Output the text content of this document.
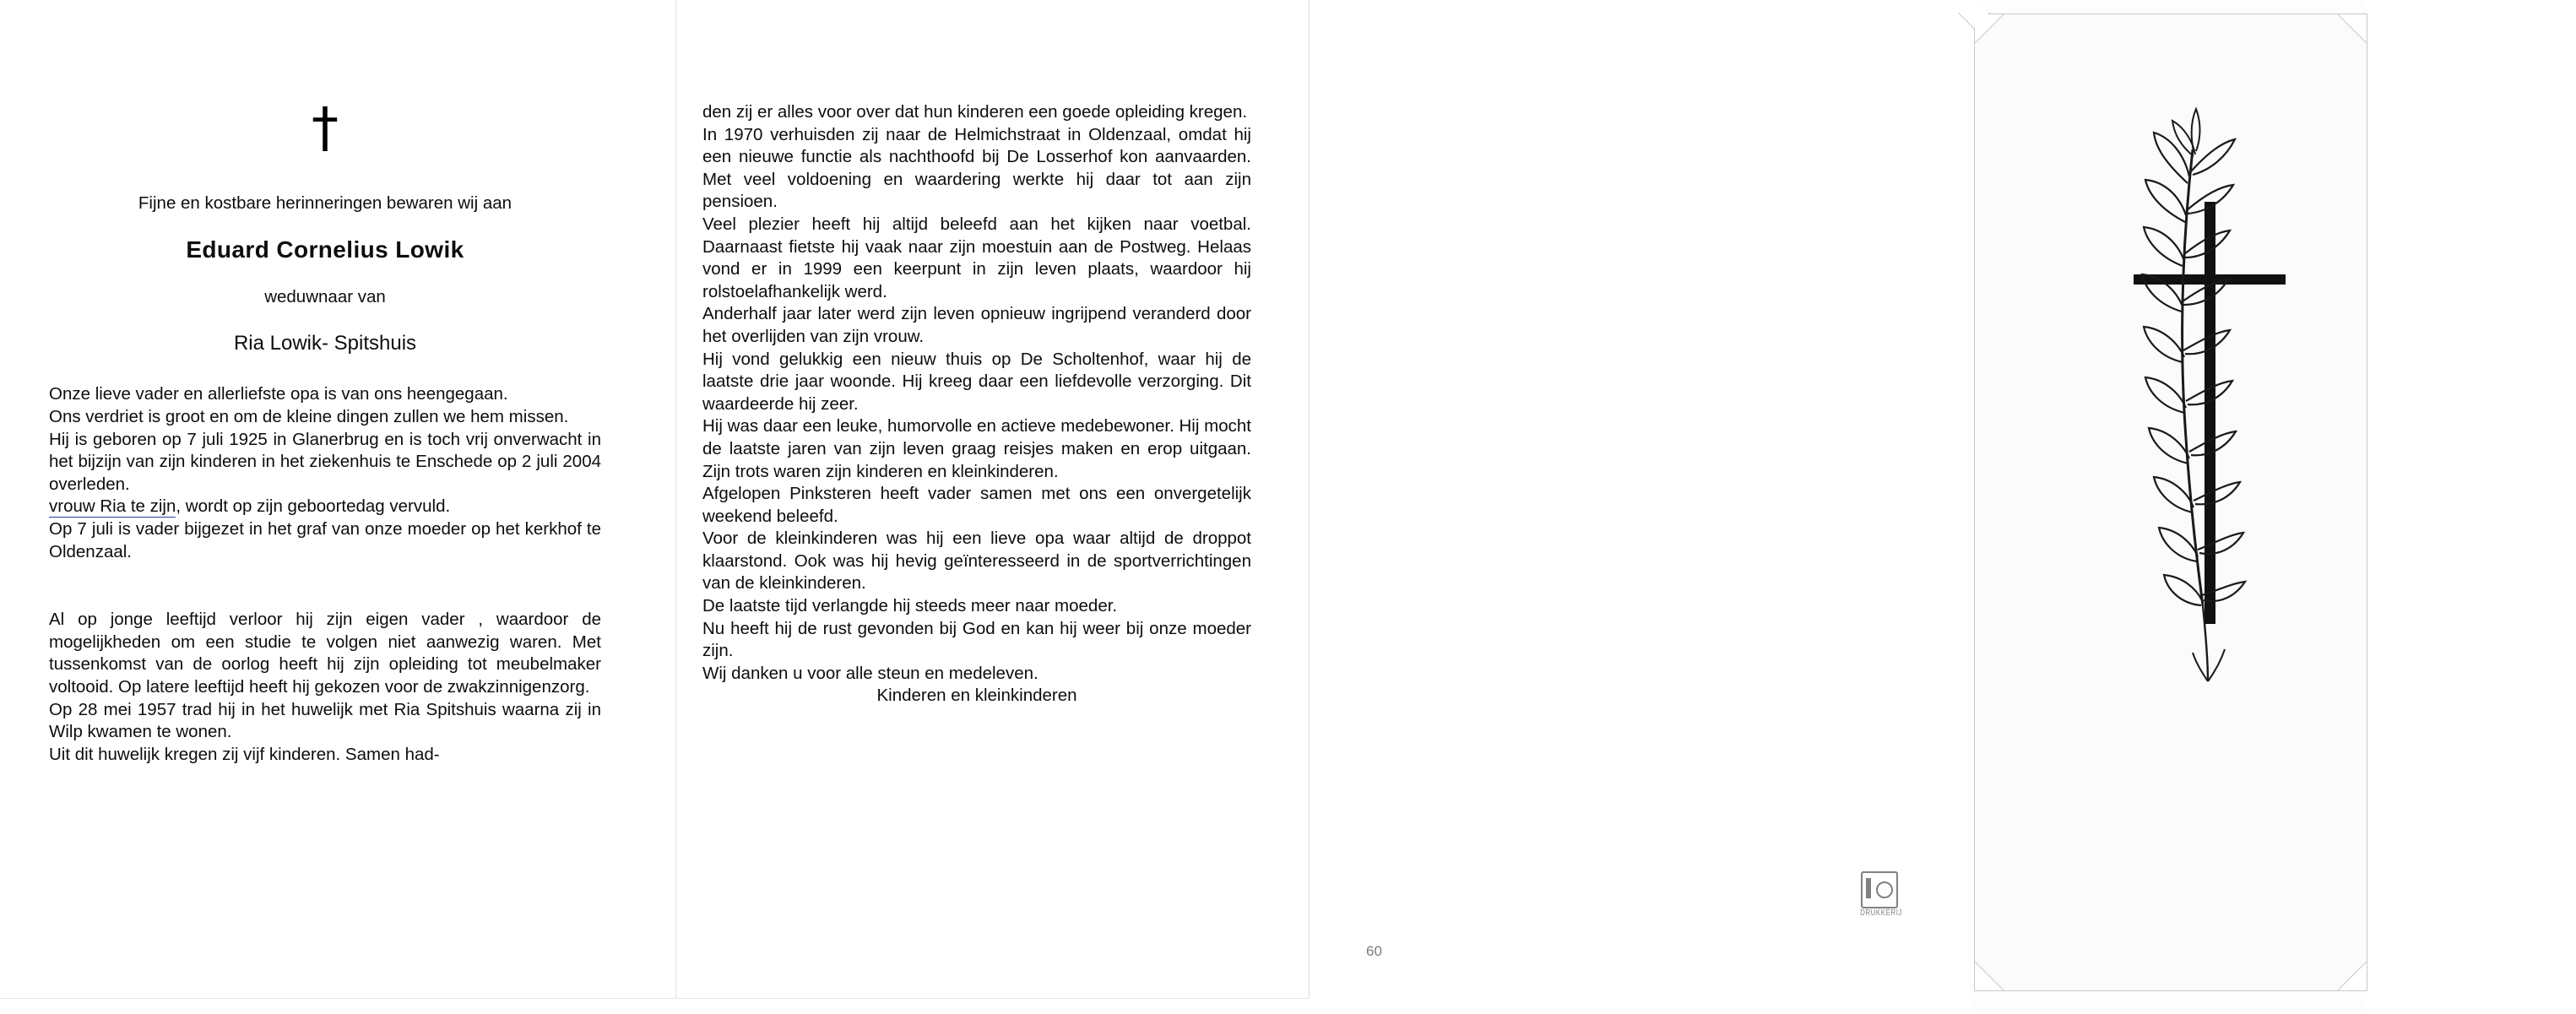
†
Fijne en kostbare herinneringen bewaren wij aan
Eduard Cornelius Lowik
weduwnaar van
Ria Lowik- Spitshuis

Onze lieve vader en allerliefste opa is van ons heengegaan.

Ons verdriet is groot en om de kleine dingen zullen we hem missen.

Hij is geboren op 7 juli 1925 in Glanerbrug en is toch vrij onverwacht in het bijzijn van zijn kinderen in het ziekenhuis te Enschede op 2 juli 2004 overleden.

vrouw Ria te zijn, wordt op zijn geboortedag vervuld.

Op 7 juli is vader bijgezet in het graf van onze moeder op het kerkhof te Oldenzaal.

Al op jonge leeftijd verloor hij zijn eigen vader , waardoor de mogelijkheden om een studie te volgen niet aanwezig waren. Met tussenkomst van de oorlog heeft hij zijn opleiding tot meubelmaker voltooid. Op latere leeftijd heeft hij gekozen voor de zwakzinnigenzorg.

Op 28 mei 1957 trad hij in het huwelijk met Ria Spitshuis waarna zij in Wilp kwamen te wonen.

Uit dit huwelijk kregen zij vijf kinderen. Samen had-

den zij er alles voor over dat hun kinderen een goede opleiding kregen.

In 1970 verhuisden zij naar de Helmichstraat in Oldenzaal, omdat hij een nieuwe functie als nachthoofd bij De Losserhof kon aanvaarden. Met veel voldoening en waardering werkte hij daar tot aan zijn pensioen.

Veel plezier heeft hij altijd beleefd aan het kijken naar voetbal. Daarnaast fietste hij vaak naar zijn moestuin aan de Postweg. Helaas vond er in 1999 een keerpunt in zijn leven plaats, waardoor hij rolstoelafhankelijk werd.

Anderhalf jaar later werd zijn leven opnieuw ingrijpend veranderd door het overlijden van zijn vrouw.

Hij vond gelukkig een nieuw thuis op De Scholtenhof, waar hij de laatste drie jaar woonde. Hij kreeg daar een liefdevolle verzorging. Dit waardeerde hij zeer.

Hij was daar een leuke, humorvolle en actieve medebewoner. Hij mocht de laatste jaren van zijn leven graag reisjes maken en erop uitgaan. Zijn trots waren zijn kinderen en kleinkinderen.

Afgelopen Pinksteren heeft vader samen met ons een onvergetelijk weekend beleefd.

Voor de kleinkinderen was hij een lieve opa waar altijd de droppot klaarstond. Ook was hij hevig geïnteresseerd in de sportverrichtingen van de kleinkinderen.

De laatste tijd verlangde hij steeds meer naar moeder.

Nu heeft hij de rust gevonden bij God en kan hij weer bij onze moeder zijn.

Wij danken u voor alle steun en medeleven.

Kinderen en kleinkinderen

60
DRUKKERIJ
